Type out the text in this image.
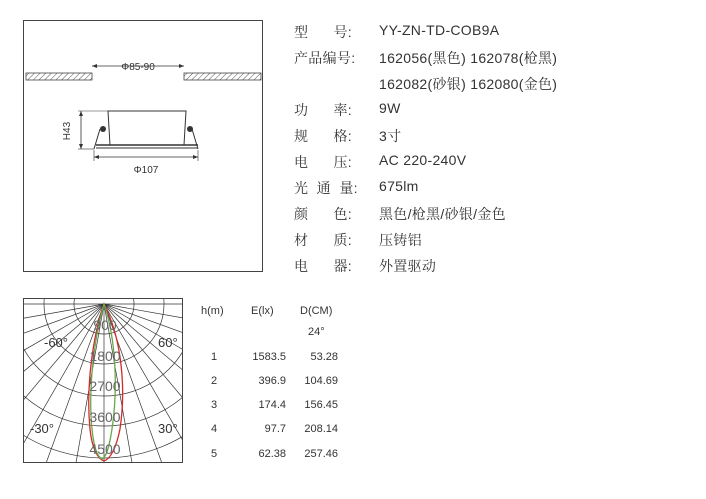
Φ85-90
H43
Φ107
型      号:	YY-ZN-TD-COB9A
产品编号:	162056(黑色) 162078(枪黑)
162082(砂银) 162080(金色)
功      率:	9W
规      格:	3寸
电      压:	AC 220-240V
光  通  量:	675lm
颜      色:	黑色/枪黑/砂银/金色
材      质:	压铸铝
电      器:	外置驱动
-60°	60°
-30°	30°
900
1800
2700
3600
4500
h(m) E(lx) D(CM)
24°
1	1583.5	53.28
2	396.9	104.69
3	174.4	156.45
4	97.7	208.14
5	62.38	257.46
